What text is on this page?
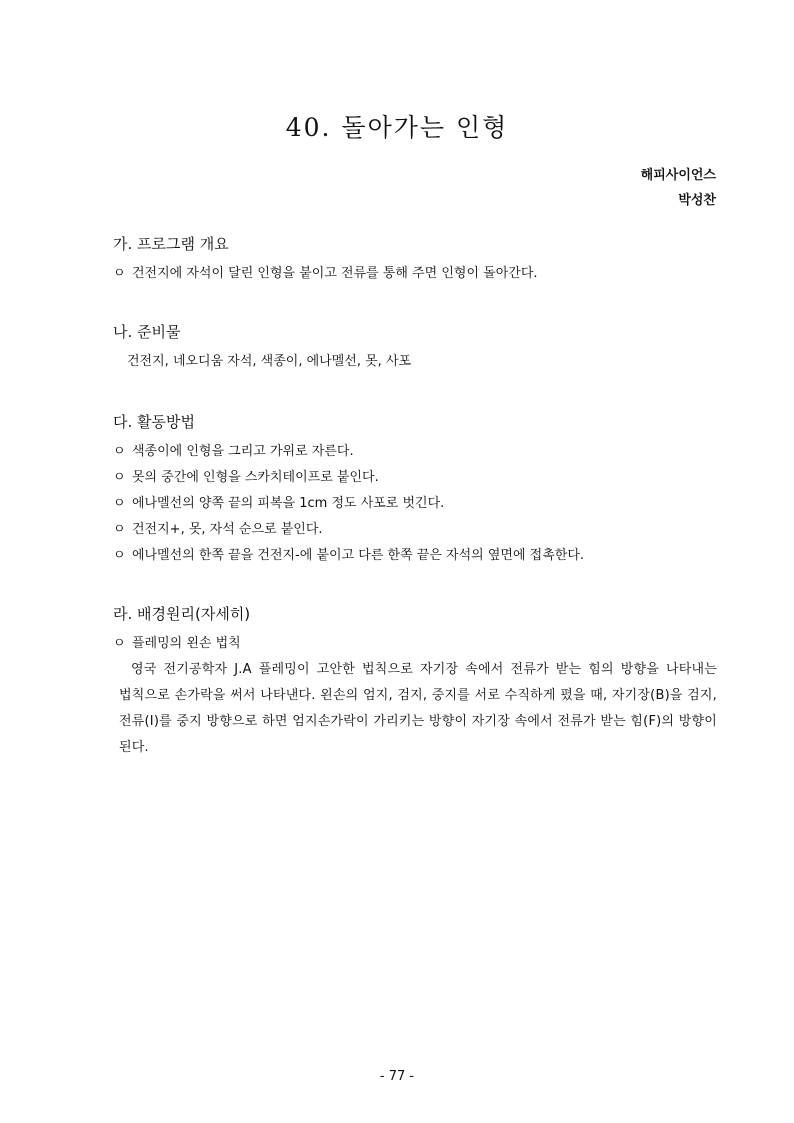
40. 돌아가는 인형
해피사이언스
박성찬
가. 프로그램 개요
ㅇ 건전지에 자석이 달린 인형을 붙이고 전류를 통해 주면 인형이 돌아간다.
나. 준비물
건전지, 네오디움 자석, 색종이, 에나멜선, 못, 사포
다. 활동방법
ㅇ 색종이에 인형을 그리고 가위로 자른다.
ㅇ 못의 중간에 인형을 스카치테이프로 붙인다.
ㅇ 에나멜선의 양쪽 끝의 피복을 1cm 정도 사포로 벗긴다.
ㅇ 건전지+, 못, 자석 순으로 붙인다.
ㅇ 에나멜선의 한쪽 끝을 건전지-에 붙이고 다른 한쪽 끝은 자석의 옆면에 접촉한다.
라. 배경원리(자세히)
ㅇ 플레밍의 왼손 법칙

영국 전기공학자 J.A 플레밍이 고안한 법칙으로 자기장 속에서 전류가 받는 힘의 방향을 나타내는 법칙으로 손가락을 써서 나타낸다. 왼손의 엄지, 검지, 중지를 서로 수직하게 폈을 때, 자기장(B)을 검지, 전류(I)를 중지 방향으로 하면 엄지손가락이 가리키는 방향이 자기장 속에서 전류가 받는 힘(F)의 방향이 된다.

- 77 -
